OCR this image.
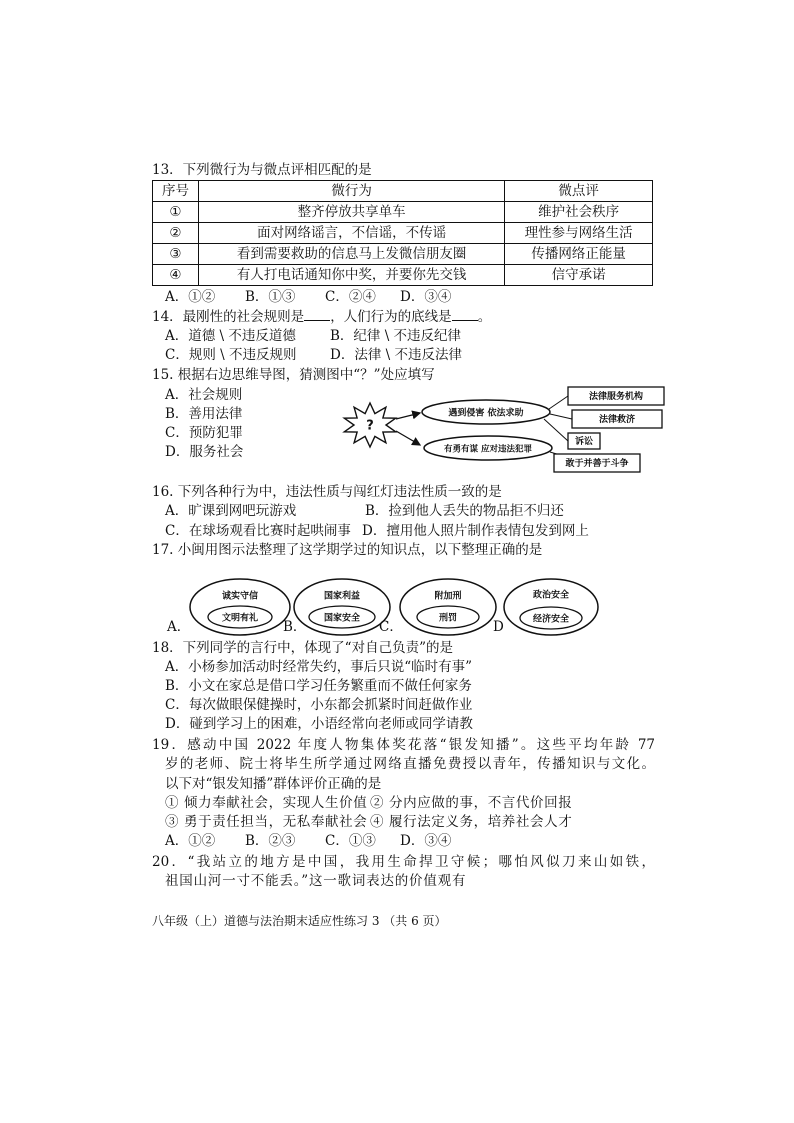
13．下列微行为与微点评相匹配的是
序号	微行为	微点评
①	整齐停放共享单车	维护社会秩序
②	面对网络谣言，不信谣，不传谣	理性参与网络生活
③	看到需要救助的信息马上发微信朋友圈	传播网络正能量
④	有人打电话通知你中奖，并要你先交钱	信守承诺
A．①② B．①③ C．②④ D．③④
14．最刚性的社会规则是 ，人们行为的底线是 。
A．道德 \ 不违反道德	B．纪律 \ 不违反纪律
C．规则 \ 不违反规则 D．法律 \ 不违反法律
15. 根据右边思维导图，猜测图中“？”处应填写
A．社会规则
B．善用法律
C．预防犯罪
D．服务社会
?
遇到侵害 依法求助
有勇有谋 应对违法犯罪
法律服务机构
法律救济
诉讼
敢于并善于斗争
16. 下列各种行为中，违法性质与闯红灯违法性质一致的是
A．旷课到网吧玩游戏	B．捡到他人丢失的物品拒不归还
C．在球场观看比赛时起哄闹事 D．擅用他人照片制作表情包发到网上
17. 小闽用图示法整理了这学期学过的知识点，以下整理正确的是
诚实守信
文明有礼
国家利益
国家安全
附加刑
刑罚
政治安全
经济安全
A．	B．	C．	D
18．下列同学的言行中，体现了“对自己负责”的是
A．小杨参加活动时经常失约，事后只说“临时有事”
B．小文在家总是借口学习任务繁重而不做任何家务
C．每次做眼保健操时，小东都会抓紧时间赶做作业
D．碰到学习上的困难，小语经常向老师或同学请教
19．感动中国 2022 年度人物集体奖花落“银发知播”。这些平均年龄 77
岁的老师、院士将毕生所学通过网络直播免费授以青年，传播知识与文化。
以下对“银发知播”群体评价正确的是
① 倾力奉献社会，实现人生价值 ② 分内应做的事，不言代价回报
③ 勇于责任担当，无私奉献社会 ④ 履行法定义务，培养社会人才
A．①② B．②③ C．①③ D．③④
20．“我站立的地方是中国，我用生命捍卫守候；哪怕风似刀来山如铁，
祖国山河一寸不能丢。”这一歌词表达的价值观有
八年级（上）道德与法治期末适应性练习 3 （共 6 页）
